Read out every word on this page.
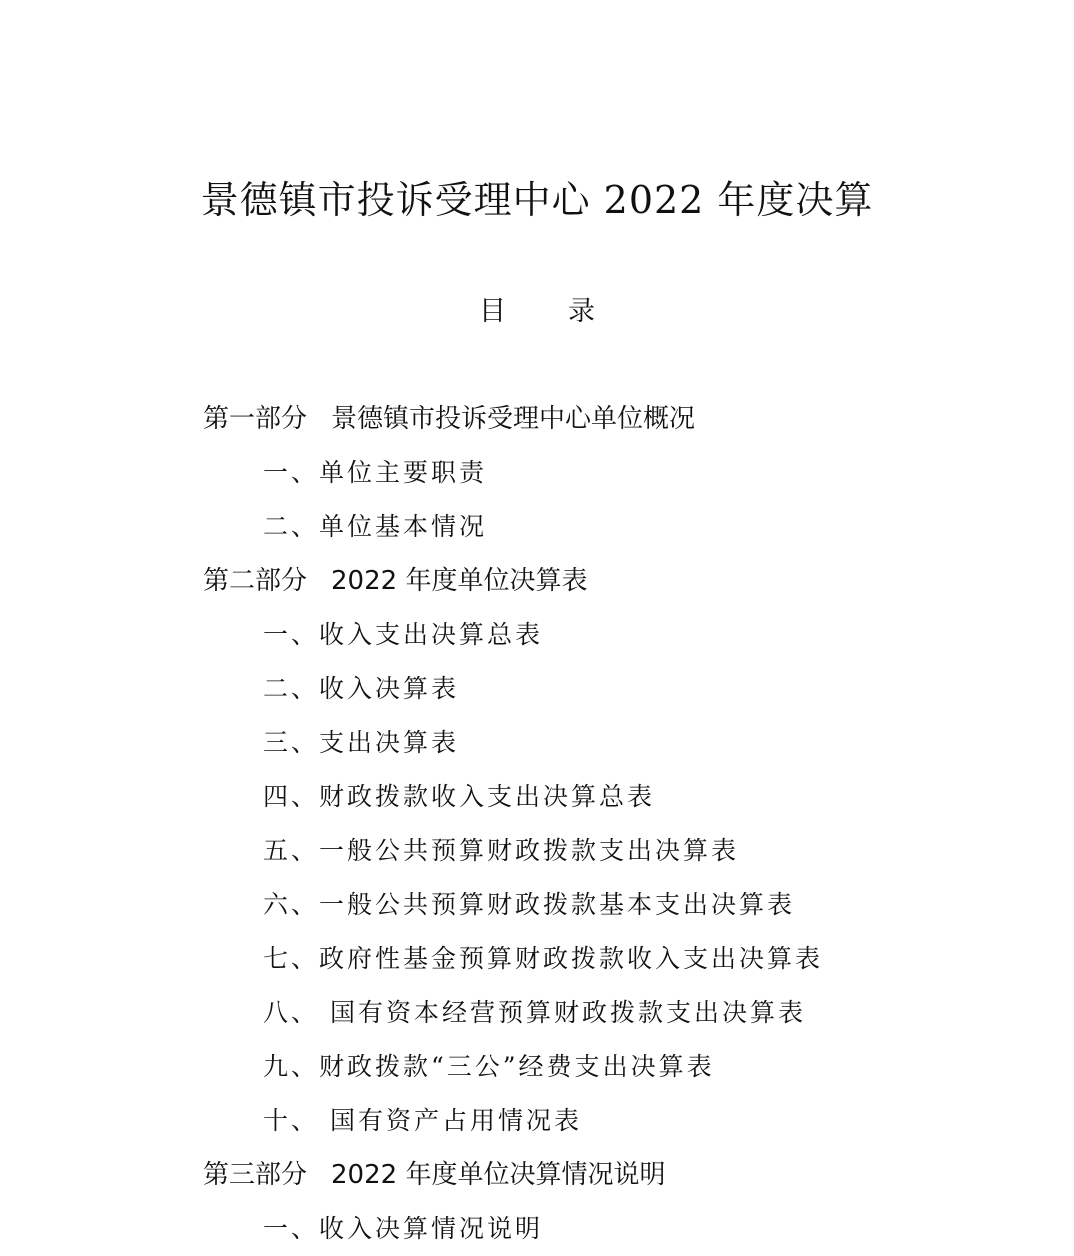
景德镇市投诉受理中心 2022 年度决算
目 录
第一部分 景德镇市投诉受理中心单位概况
一、单位主要职责
二、单位基本情况
第二部分 2022 年度单位决算表
一、收入支出决算总表
二、收入决算表
三、支出决算表
四、财政拨款收入支出决算总表
五、一般公共预算财政拨款支出决算表
六、一般公共预算财政拨款基本支出决算表
七、政府性基金预算财政拨款收入支出决算表
八、 国有资本经营预算财政拨款支出决算表
九、财政拨款“三公”经费支出决算表
十、 国有资产占用情况表
第三部分 2022 年度单位决算情况说明
一、收入决算情况说明
